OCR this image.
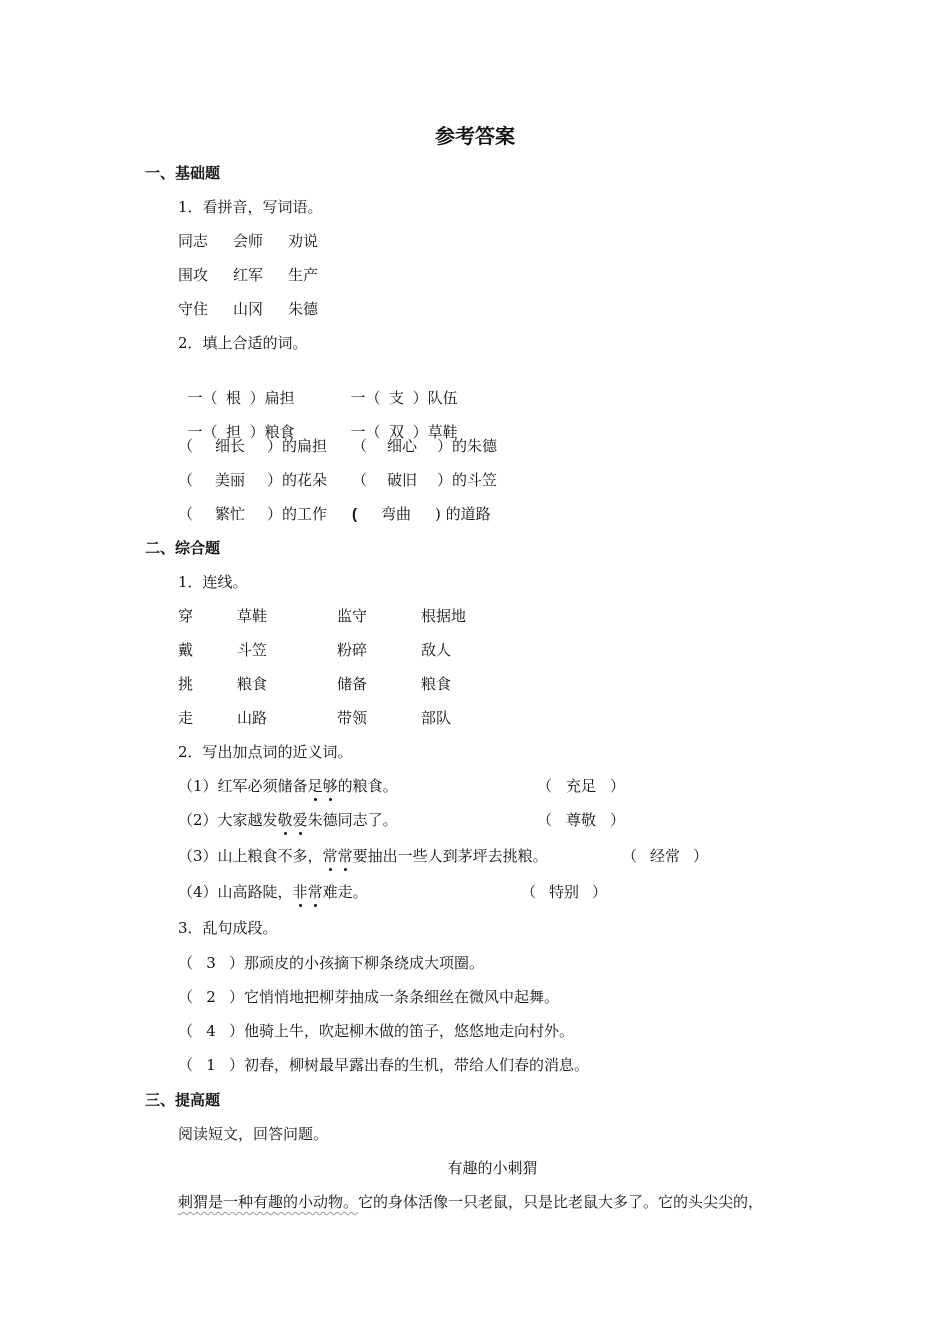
参考答案
一、基础题
1．看拼音，写词语。
同志 会师 劝说
围攻 红军 生产
守住 山冈 朱德
2．填上合适的词。

一（ 根 ）扁担	一（ 支 ）队伍

一（ 担 ）粮食	一（ 双 ）草鞋

（ 细长 ）的扁担 （ 细心 ）的朱德
（ 美丽 ）的花朵 （ 破旧 ）的斗笠
（ 繁忙 ）的工作 ( 弯曲 ) 的道路
二、综合题
1．连线。
穿	草鞋	监守	根据地
戴	斗笠	粉碎	敌人
挑	粮食	储备	粮食
走	山路	带领	部队
2．写出加点词的近义词。
（1）红军必须储备足够的粮食。	（ 充足 ）
（2）大家越发敬爱朱德同志了。	（ 尊敬 ）
（3）山上粮食不多，常常要抽出一些人到茅坪去挑粮。	（ 经常 ）
（4）山高路陡，非常难走。	（ 特别 ）
3．乱句成段。
（ 3 ）那顽皮的小孩摘下柳条绕成大项圈。
（ 2 ）它悄悄地把柳芽抽成一条条细丝在微风中起舞。
（ 4 ）他骑上牛，吹起柳木做的笛子，悠悠地走向村外。
（ 1 ）初春，柳树最早露出春的生机，带给人们春的消息。
三、提高题
阅读短文，回答问题。
有趣的小刺猬
刺猬是一种有趣的小动物。它的身体活像一只老鼠，只是比老鼠大多了。它的头尖尖的，
